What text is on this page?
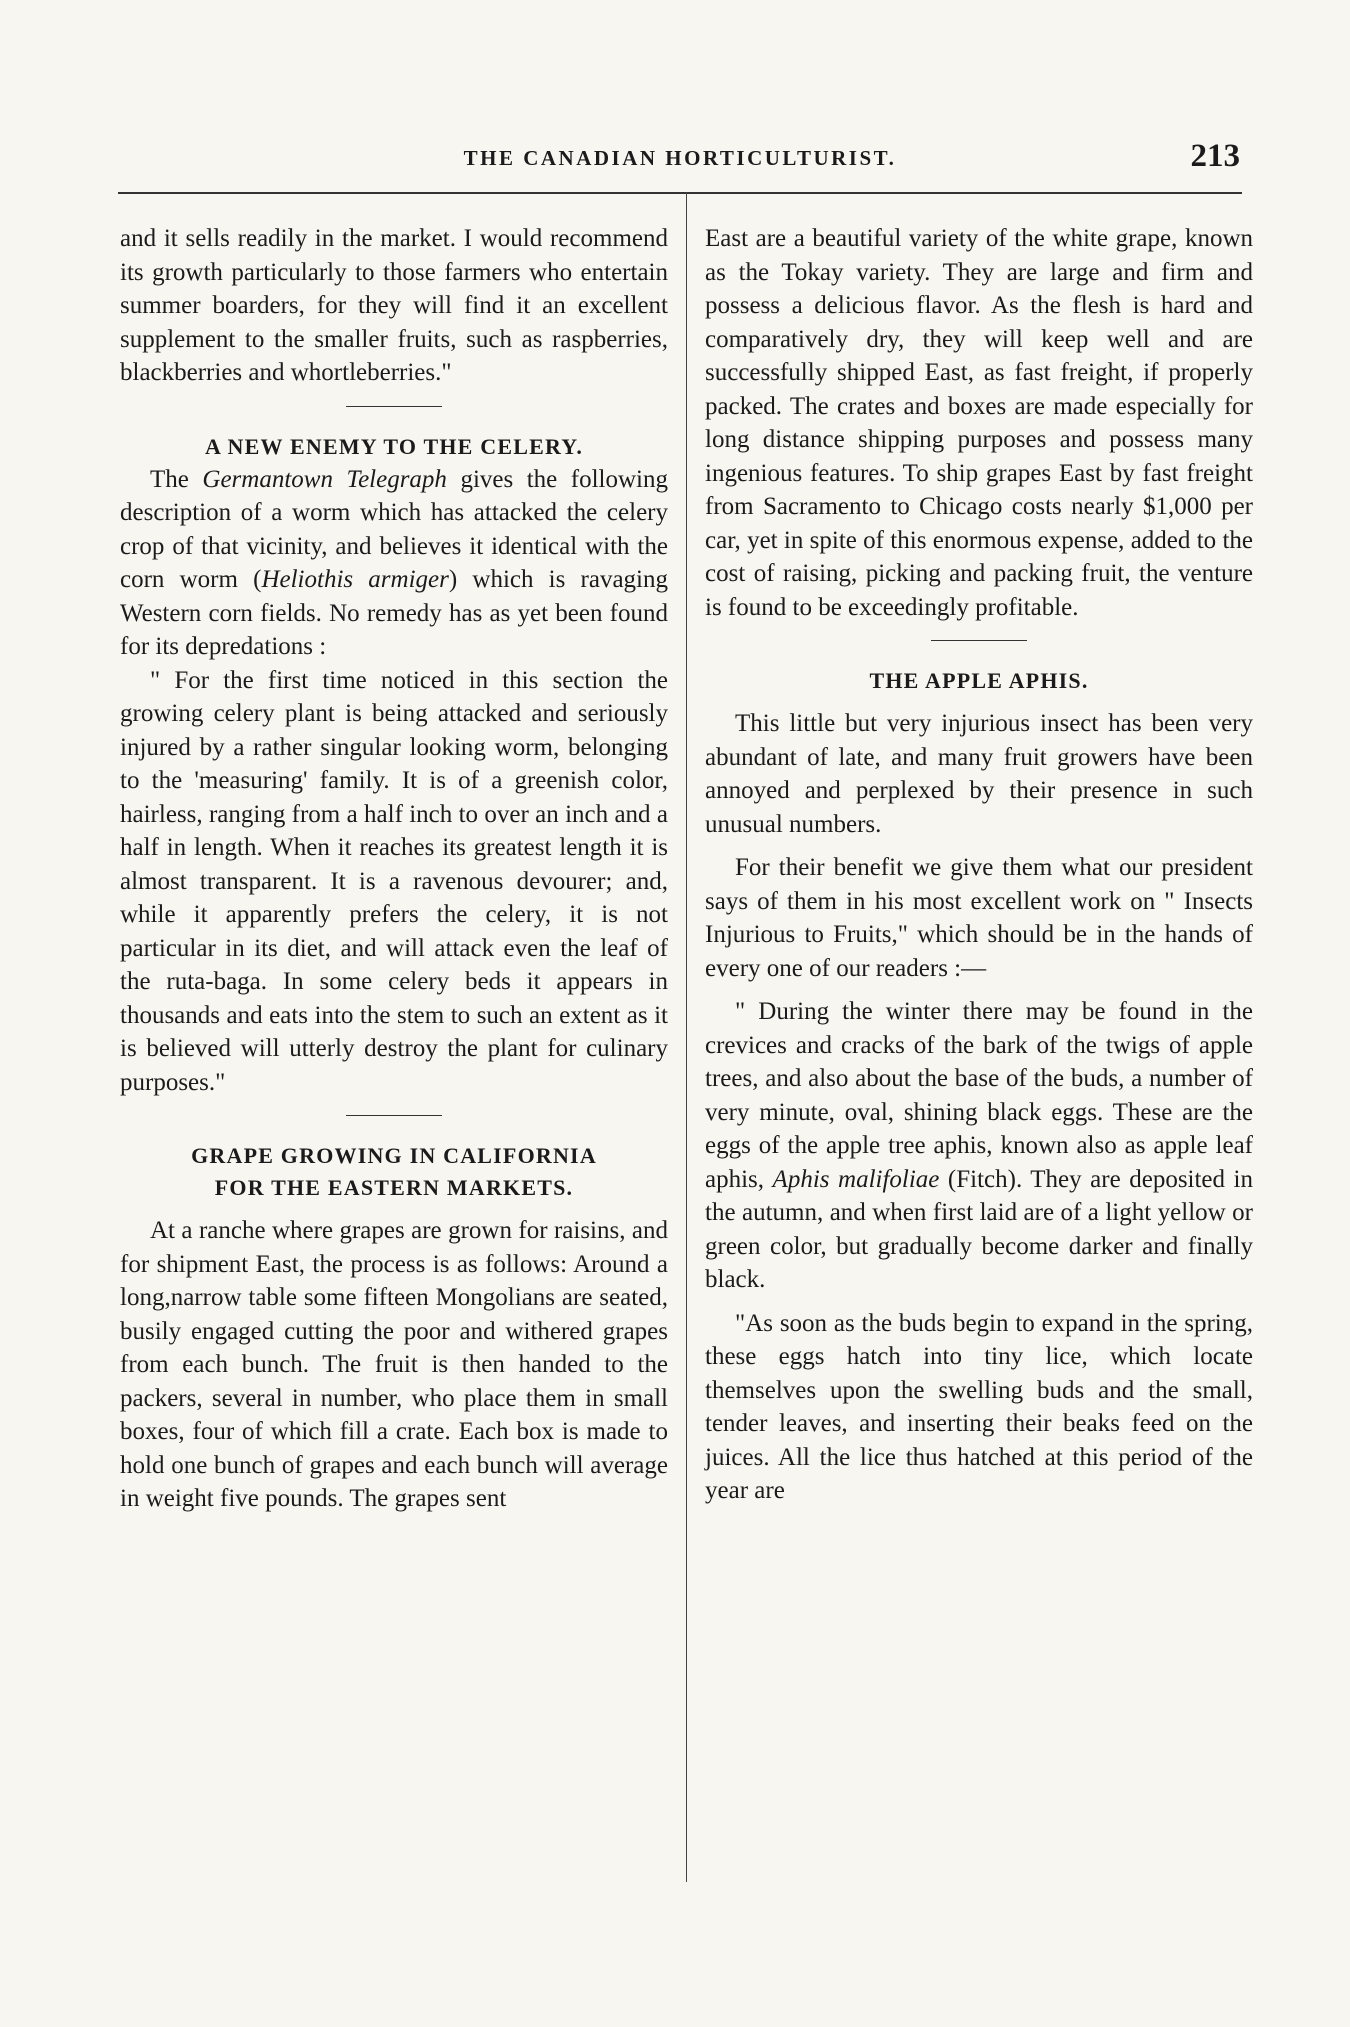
THE CANADIAN HORTICULTURIST.	213

and it sells readily in the market. I would recommend its growth particularly to those farmers who entertain summer boarders, for they will find it an excellent supplement to the smaller fruits, such as raspberries, blackberries and whortleberries."

A NEW ENEMY TO THE CELERY.

The Germantown Telegraph gives the following description of a worm which has attacked the celery crop of that vicinity, and believes it identical with the corn worm (Heliothis armiger) which is ravaging Western corn fields. No remedy has as yet been found for its depredations :

" For the first time noticed in this section the growing celery plant is being attacked and seriously injured by a rather singular looking worm, belonging to the 'measuring' family. It is of a greenish color, hairless, ranging from a half inch to over an inch and a half in length. When it reaches its greatest length it is almost transparent. It is a ravenous devourer; and, while it apparently prefers the celery, it is not particular in its diet, and will attack even the leaf of the ruta-baga. In some celery beds it appears in thousands and eats into the stem to such an extent as it is believed will utterly destroy the plant for culinary purposes."

GRAPE GROWING IN CALIFORNIA
FOR THE EASTERN MARKETS.

At a ranche where grapes are grown for raisins, and for shipment East, the process is as follows: Around a long,narrow table some fifteen Mongolians are seated, busily engaged cutting the poor and withered grapes from each bunch. The fruit is then handed to the packers, several in number, who place them in small boxes, four of which fill a crate. Each box is made to hold one bunch of grapes and each bunch will average in weight five pounds. The grapes sent

East are a beautiful variety of the white grape, known as the Tokay variety. They are large and firm and possess a delicious flavor. As the flesh is hard and comparatively dry, they will keep well and are successfully shipped East, as fast freight, if properly packed. The crates and boxes are made especially for long distance shipping purposes and possess many ingenious features. To ship grapes East by fast freight from Sacramento to Chicago costs nearly $1,000 per car, yet in spite of this enormous expense, added to the cost of raising, picking and packing fruit, the venture is found to be exceedingly profitable.

THE APPLE APHIS.

This little but very injurious insect has been very abundant of late, and many fruit growers have been annoyed and perplexed by their presence in such unusual numbers.

For their benefit we give them what our president says of them in his most excellent work on " Insects Injurious to Fruits," which should be in the hands of every one of our readers :—

" During the winter there may be found in the crevices and cracks of the bark of the twigs of apple trees, and also about the base of the buds, a number of very minute, oval, shining black eggs. These are the eggs of the apple tree aphis, known also as apple leaf aphis, Aphis malifoliae (Fitch). They are deposited in the autumn, and when first laid are of a light yellow or green color, but gradually become darker and finally black.

"As soon as the buds begin to expand in the spring, these eggs hatch into tiny lice, which locate themselves upon the swelling buds and the small, tender leaves, and inserting their beaks feed on the juices. All the lice thus hatched at this period of the year are
